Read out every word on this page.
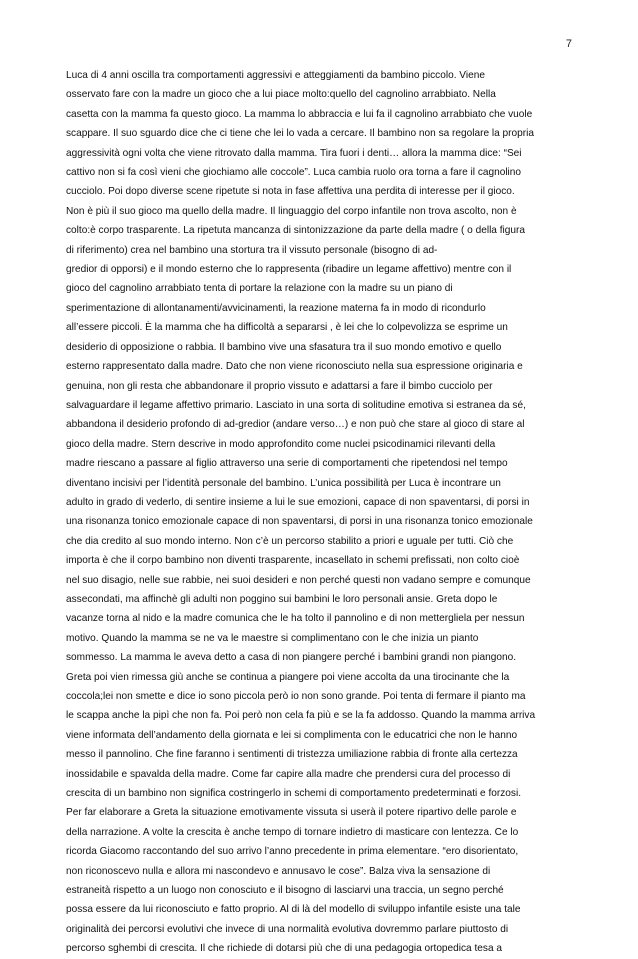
7
Luca di 4 anni oscilla tra comportamenti aggressivi e atteggiamenti da bambino piccolo. Viene
osservato fare con la madre un gioco che a lui piace molto:quello del cagnolino arrabbiato. Nella
casetta con la mamma fa questo gioco. La mamma lo abbraccia e lui fa il cagnolino arrabbiato che vuole
scappare. Il suo sguardo dice che ci tiene che lei lo vada a cercare. Il bambino non sa regolare la propria
aggressività ogni volta che viene ritrovato dalla mamma. Tira fuori i denti… allora la mamma dice: “Sei
cattivo non si fa così vieni che giochiamo alle coccole”. Luca cambia ruolo ora torna a fare il cagnolino
cucciolo. Poi dopo diverse scene ripetute si nota in fase affettiva una perdita di interesse per il gioco.
Non è più il suo gioco ma quello della madre. Il linguaggio del corpo infantile non trova ascolto, non è
colto:è corpo trasparente. La ripetuta mancanza di sintonizzazione da parte della madre ( o della figura
di riferimento) crea nel bambino una stortura tra il vissuto personale (bisogno di ad-
gredior di opporsi) e il mondo esterno che lo rappresenta (ribadire un legame affettivo) mentre con il
gioco del cagnolino arrabbiato tenta di portare la relazione con la madre su un piano di
sperimentazione di allontanamenti/avvicinamenti, la reazione materna fa in modo di ricondurlo
all’essere piccoli. È la mamma che ha difficoltà a separarsi , è lei che lo colpevolizza se esprime un
desiderio di opposizione o rabbia. Il bambino vive una sfasatura tra il suo mondo emotivo e quello
esterno rappresentato dalla madre. Dato che non viene riconosciuto nella sua espressione originaria e
genuina, non gli resta che abbandonare il proprio vissuto e adattarsi a fare il bimbo cucciolo per
salvaguardare il legame affettivo primario. Lasciato in una sorta di solitudine emotiva si estranea da sé,
abbandona il desiderio profondo di ad-gredior (andare verso…) e non può che stare al gioco di stare al
gioco della madre. Stern descrive in modo approfondito come nuclei psicodinamici rilevanti della
madre riescano a passare al figlio attraverso una serie di comportamenti che ripetendosi nel tempo
diventano incisivi per l’identità personale del bambino. L’unica possibilità per Luca è incontrare un
adulto in grado di vederlo, di sentire insieme a lui le sue emozioni, capace di non spaventarsi, di porsi in
una risonanza tonico emozionale capace di non spaventarsi, di porsi in una risonanza tonico emozionale
che dia credito al suo mondo interno. Non c’è un percorso stabilito a priori e uguale per tutti. Ciò che
importa è che il corpo bambino non diventi trasparente, incasellato in schemi prefissati, non colto cioè
nel suo disagio, nelle sue rabbie, nei suoi desideri e non perché questi non vadano sempre e comunque
assecondati, ma affinchè gli adulti non poggino sui bambini le loro personali ansie. Greta dopo le
vacanze torna al nido e la madre comunica che le ha tolto il pannolino e di non mettergliela per nessun
motivo. Quando la mamma se ne va le maestre si complimentano con le che inizia un pianto
sommesso. La mamma le aveva detto a casa di non piangere perché i bambini grandi non piangono.
Greta poi vien rimessa giù anche se continua a piangere poi viene accolta da una tirocinante che la
coccola;lei non smette e dice io sono piccola però io non sono grande. Poi tenta di fermare il pianto ma
le scappa anche la pipì che non fa. Poi però non cela fa più e se la fa addosso. Quando la mamma arriva
viene informata dell’andamento della giornata e lei si complimenta con le educatrici che non le hanno
messo il pannolino. Che fine faranno i sentimenti di tristezza umiliazione rabbia di fronte alla certezza
inossidabile e spavalda della madre. Come far capire alla madre che prendersi cura del processo di
crescita di un bambino non significa costringerlo in schemi di comportamento predeterminati e forzosi.
Per far elaborare a Greta la situazione emotivamente vissuta si userà il potere ripartivo delle parole e
della narrazione. A volte la crescita è anche tempo di tornare indietro di masticare con lentezza. Ce lo
ricorda Giacomo raccontando del suo arrivo l’anno precedente in prima elementare. “ero disorientato,
non riconoscevo nulla e allora mi nascondevo e annusavo le cose”. Balza viva la sensazione di
estraneità rispetto a un luogo non conosciuto e il bisogno di lasciarvi una traccia, un segno perché
possa essere da lui riconosciuto e fatto proprio. Al di là del modello di sviluppo infantile esiste una tale
originalità dei percorsi evolutivi che invece di una normalità evolutiva dovremmo parlare piuttosto di
percorso sghembi di crescita. Il che richiede di dotarsi più che di una pedagogia ortopedica tesa a
